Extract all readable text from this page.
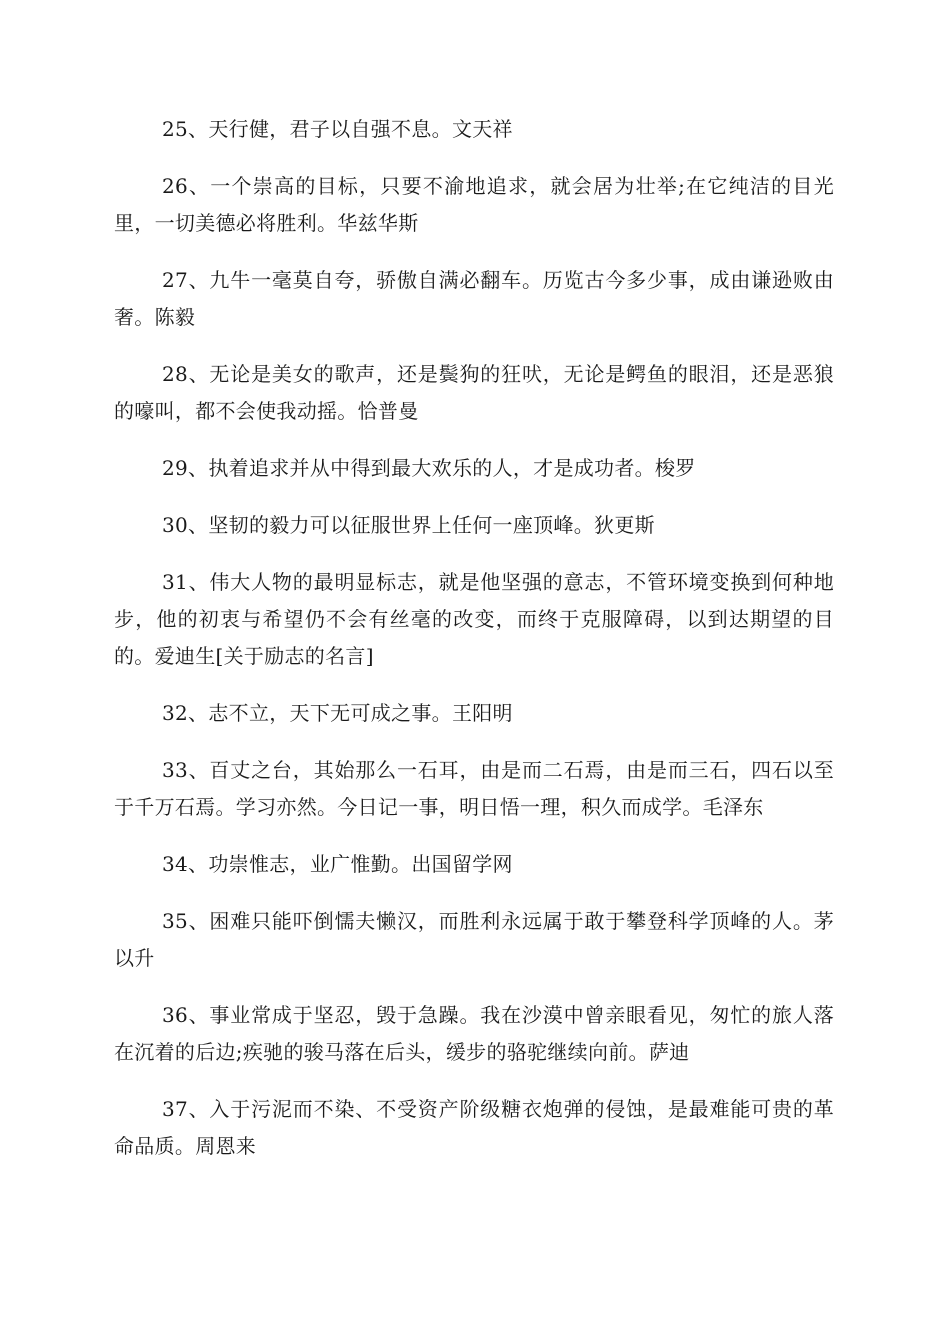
25、天行健，君子以自强不息。文天祥

26、一个崇高的目标，只要不渝地追求，就会居为壮举;在它纯洁的目光里，一切美德必将胜利。华兹华斯

27、九牛一毫莫自夸，骄傲自满必翻车。历览古今多少事，成由谦逊败由奢。陈毅

28、无论是美女的歌声，还是鬓狗的狂吠，无论是鳄鱼的眼泪，还是恶狼的嚎叫，都不会使我动摇。恰普曼

29、执着追求并从中得到最大欢乐的人，才是成功者。梭罗

30、坚韧的毅力可以征服世界上任何一座顶峰。狄更斯

31、伟大人物的最明显标志，就是他坚强的意志，不管环境变换到何种地步，他的初衷与希望仍不会有丝毫的改变，而终于克服障碍，以到达期望的目的。爱迪生[关于励志的名言]

32、志不立，天下无可成之事。王阳明

33、百丈之台，其始那么一石耳，由是而二石焉，由是而三石，四石以至于千万石焉。学习亦然。今日记一事，明日悟一理，积久而成学。毛泽东

34、功崇惟志，业广惟勤。出国留学网

35、困难只能吓倒懦夫懒汉，而胜利永远属于敢于攀登科学顶峰的人。茅以升

36、事业常成于坚忍，毁于急躁。我在沙漠中曾亲眼看见，匆忙的旅人落在沉着的后边;疾驰的骏马落在后头，缓步的骆驼继续向前。萨迪

37、入于污泥而不染、不受资产阶级糖衣炮弹的侵蚀，是最难能可贵的革命品质。周恩来
